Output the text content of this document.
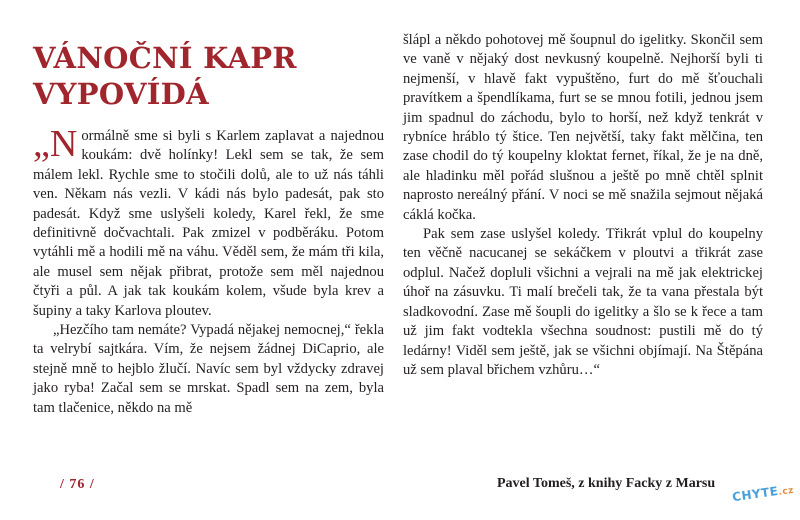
VÁNOČNÍ KAPR
VYPOVÍDÁ

„Normálně sme si byli s Karlem zaplavat a najednou koukám: dvě holínky! Lekl sem se tak, že sem málem lekl. Rychle sme to stočili dolů, ale to už nás táhli ven. Někam nás vezli. V kádi nás bylo padesát, pak sto padesát. Když sme uslyšeli koledy, Karel řekl, že sme definitivně dočvachtali. Pak zmizel v podběráku. Potom vytáhli mě a hodili mě na váhu. Věděl sem, že mám tři kila, ale musel sem nějak přibrat, protože sem měl najednou čtyři a půl. A jak tak koukám kolem, všude byla krev a šupiny a taky Karlova ploutev.

„Hezčího tam nemáte? Vypadá nějakej nemocnej,“ řekla ta velrybí sajtkára. Vím, že nejsem žádnej DiCaprio, ale stejně mně to hejblo žlučí. Navíc sem byl vždycky zdravej jako ryba! Začal sem se mrskat. Spadl sem na zem, byla tam tlačenice, někdo na mě

šlápl a někdo pohotovej mě šoupnul do igelitky. Skončil sem ve vaně v nějaký dost nevkusný koupelně. Nejhorší byli ti nejmenší, v hlavě fakt vypuštěno, furt do mě šťouchali pravítkem a špendlíkama, furt se se mnou fotili, jednou jsem jim spadnul do záchodu, bylo to horší, než když tenkrát v rybníce hráblo tý štice. Ten největší, taky fakt mělčina, ten zase chodil do tý koupelny kloktat fernet, říkal, že je na dně, ale hladinku měl pořád slušnou a ještě po mně chtěl splnit naprosto nereálný přání. V noci se mě snažila sejmout nějaká cáklá kočka.

Pak sem zase uslyšel koledy. Třikrát vplul do koupelny ten věčně nacucanej se sekáčkem v ploutvi a třikrát zase odplul. Načež dopluli všichni a vejrali na mě jak elektrickej úhoř na zásuvku. Ti malí brečeli tak, že ta vana přestala být sladkovodní. Zase mě šoupli do igelitky a šlo se k řece a tam už jim fakt vodtekla všechna soudnost: pustili mě do tý ledárny! Viděl sem ještě, jak se všichni objímají. Na Štěpána už sem plaval břichem vzhůru…“

/ 76 /	Pavel Tomeš, z knihy Facky z Marsu
CHYTE.cz
